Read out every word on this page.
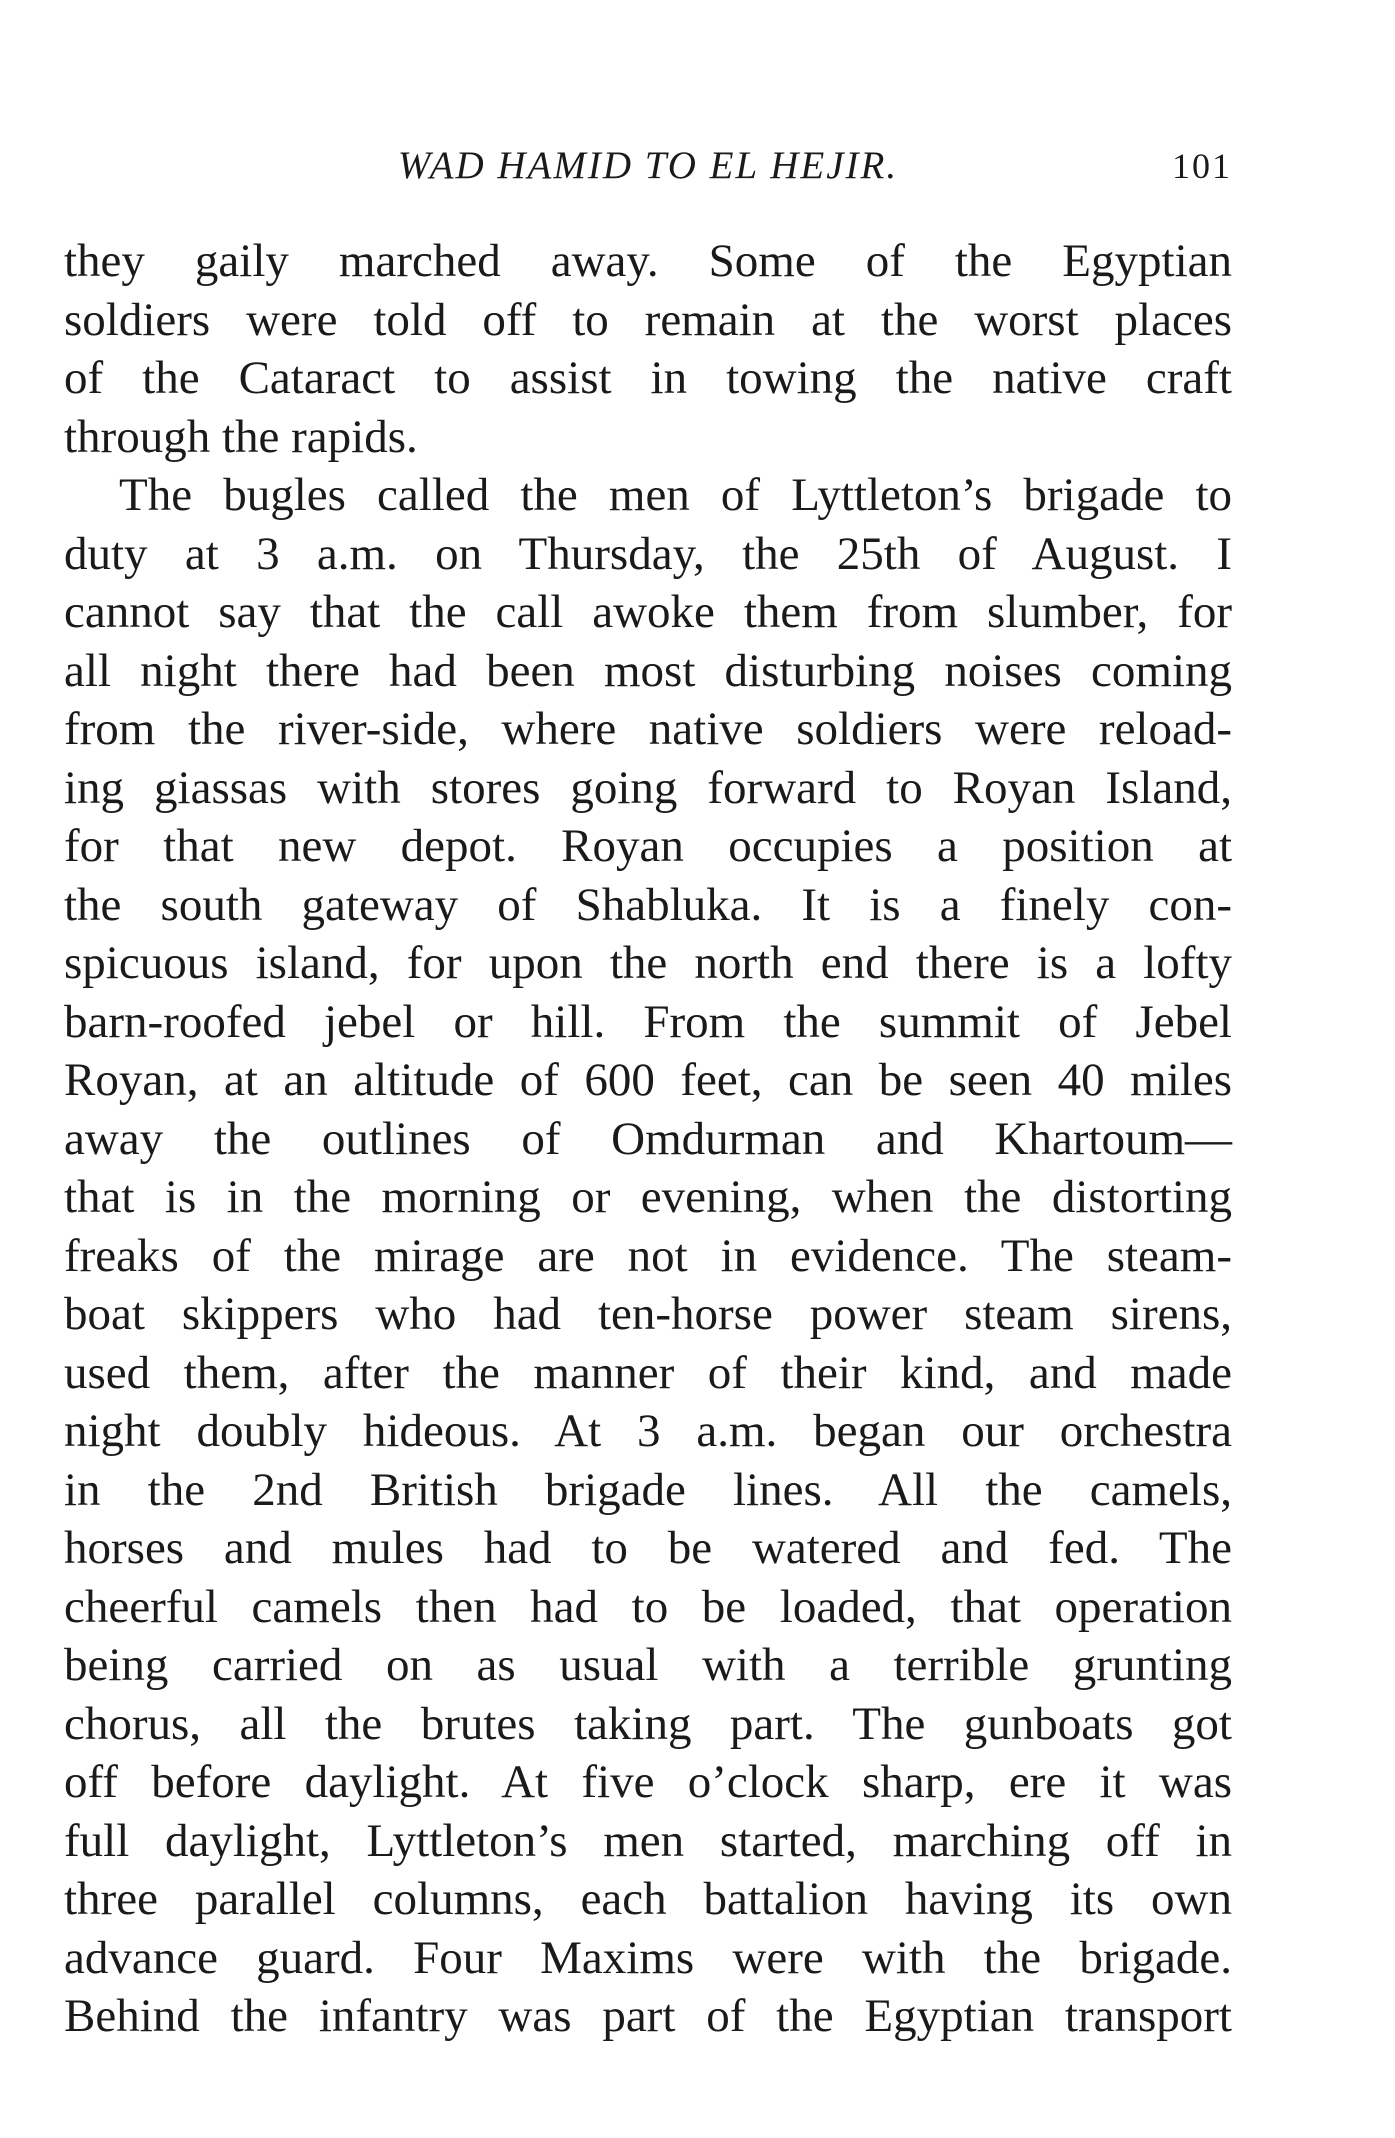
WAD HAMID TO EL HEJIR.	101
they gaily marched away. Some of the Egyptian
soldiers were told off to remain at the worst places
of the Cataract to assist in towing the native craft
through the rapids.
The bugles called the men of Lyttleton’s brigade to
duty at 3 a.m. on Thursday, the 25th of August. I
cannot say that the call awoke them from slumber, for
all night there had been most disturbing noises coming
from the river-side, where native soldiers were reload-
ing giassas with stores going forward to Royan Island,
for that new depot. Royan occupies a position at
the south gateway of Shabluka. It is a finely con-
spicuous island, for upon the north end there is a lofty
barn-roofed jebel or hill. From the summit of Jebel
Royan, at an altitude of 600 feet, can be seen 40 miles
away the outlines of Omdurman and Khartoum—
that is in the morning or evening, when the distorting
freaks of the mirage are not in evidence. The steam-
boat skippers who had ten-horse power steam sirens,
used them, after the manner of their kind, and made
night doubly hideous. At 3 a.m. began our orchestra
in the 2nd British brigade lines. All the camels,
horses and mules had to be watered and fed. The
cheerful camels then had to be loaded, that operation
being carried on as usual with a terrible grunting
chorus, all the brutes taking part. The gunboats got
off before daylight. At five o’clock sharp, ere it was
full daylight, Lyttleton’s men started, marching off in
three parallel columns, each battalion having its own
advance guard. Four Maxims were with the brigade.
Behind the infantry was part of the Egyptian transport
